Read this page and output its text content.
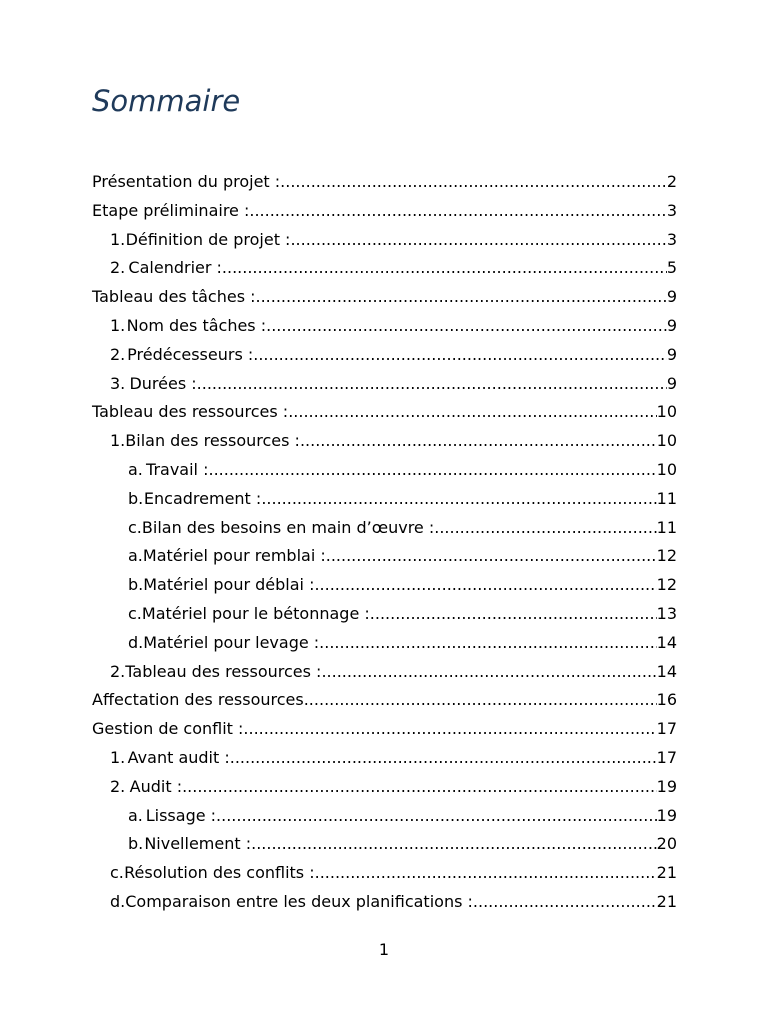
Sommaire
Présentation du projet : .....	2
Etape préliminaire : .....	3
1. Définition de projet : .....	3
2. Calendrier : .....	5
Tableau des tâches : .....	9
1. Nom des tâches : .....	9
2. Prédécesseurs : .....	9
3. Durées : .....	9
Tableau des ressources : .....	10
1. Bilan des ressources : .....	10
a. Travail : .....	10
b. Encadrement : .....	11
c. Bilan des besoins en main d’œuvre : .....	11
a. Matériel pour remblai : .....	12
b. Matériel pour déblai : .....	12
c. Matériel pour le bétonnage : .....	13
d. Matériel pour levage : .....	14
2. Tableau des ressources : .....	14
Affectation des ressources .....	16
Gestion de conflit : .....	17
1. Avant audit : .....	17
2. Audit : .....	19
a. Lissage : .....	19
b. Nivellement : .....	20
c. Résolution des conflits : .....	21
d. Comparaison entre les deux planifications : .....	21
1
